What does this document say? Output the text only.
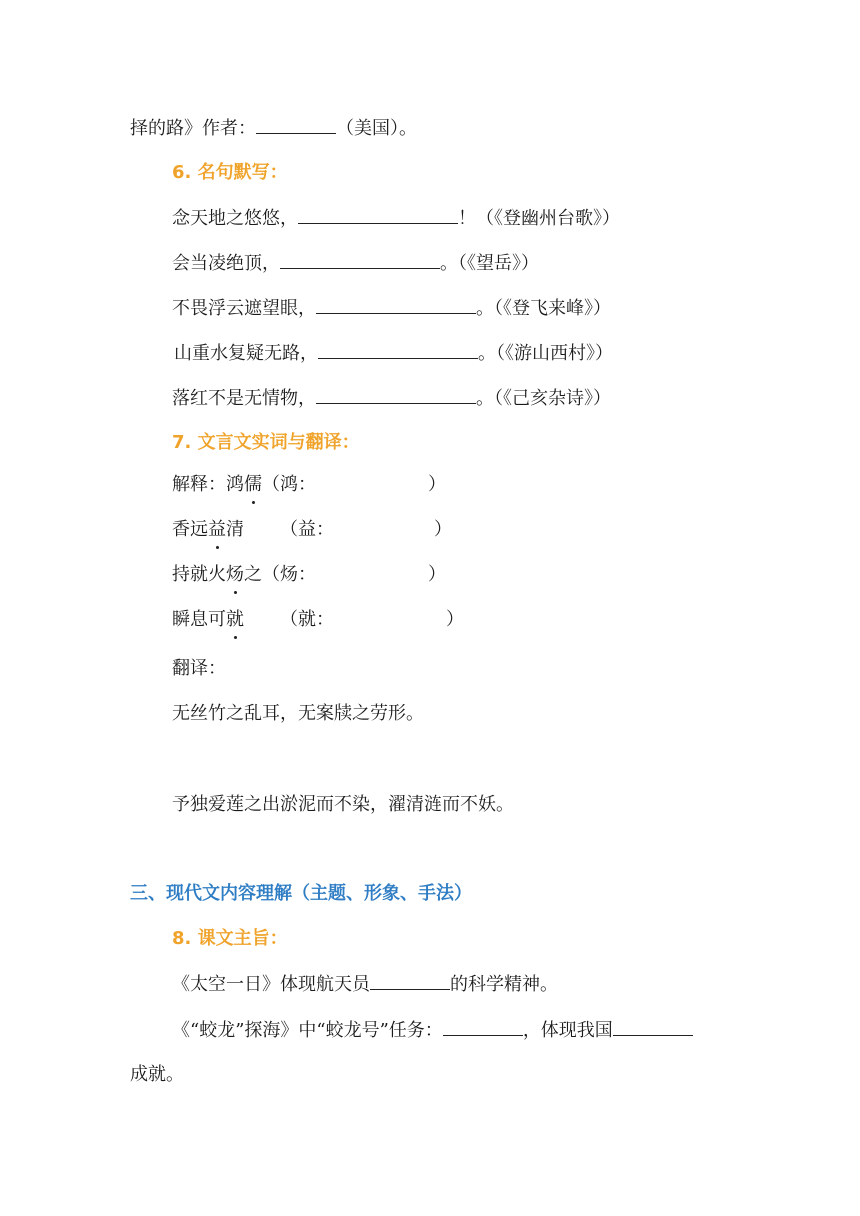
择的路》作者：	（美国）。
6. 名句默写：
念天地之悠悠，	！（《登幽州台歌》）
会当凌绝顶，	。（《望岳》）
不畏浮云遮望眼，	。（《登飞来峰》）
山重水复疑无路，	。（《游山西村》）
落红不是无情物，	。（《己亥杂诗》）
7. 文言文实词与翻译：
解释：鸿儒（鸿：	）
香远益清 （益：	）
持就火炀之（炀：	）
瞬息可就 （就：	）
翻译：
无丝竹之乱耳，无案牍之劳形。
予独爱莲之出淤泥而不染，濯清涟而不妖。
三、现代文内容理解（主题、形象、手法）
8. 课文主旨：
《太空一日》体现航天员	的科学精神。
《“蛟龙”探海》中“蛟龙号”任务：	，体现我国
成就。
